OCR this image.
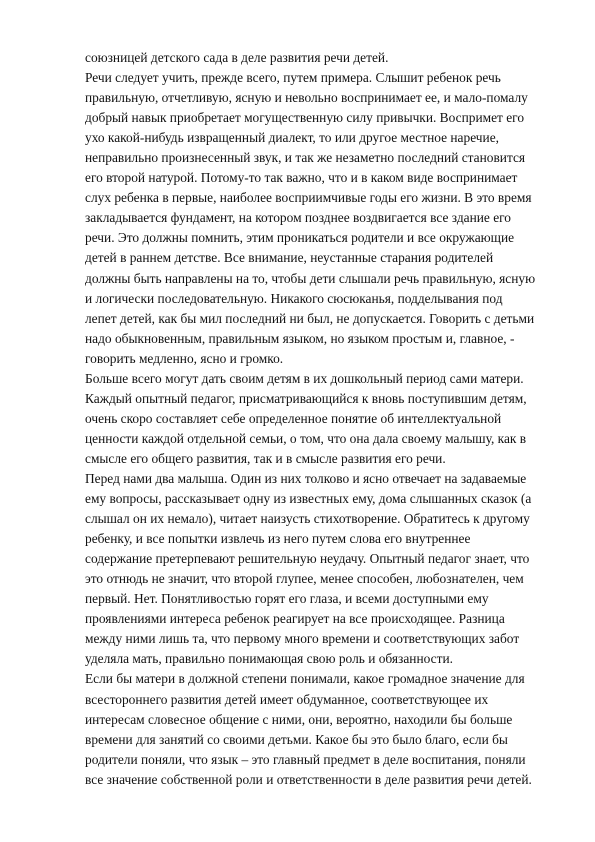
союзницей детского сада в деле развития речи детей.
Речи следует учить, прежде всего, путем примера. Слышит ребенок речь
правильную, отчетливую, ясную и невольно воспринимает ее, и мало-помалу
добрый навык приобретает могущественную силу привычки. Воспримет его
ухо какой-нибудь извращенный диалект, то или другое местное наречие,
неправильно произнесенный звук, и так же незаметно последний становится
его второй натурой. Потому-то так важно, что и в каком виде воспринимает
слух ребенка в первые, наиболее восприимчивые годы его жизни. В это время
закладывается фундамент, на котором позднее воздвигается все здание его
речи. Это должны помнить, этим проникаться родители и все окружающие
детей в раннем детстве. Все внимание, неустанные старания родителей
должны быть направлены на то, чтобы дети слышали речь правильную, ясную
и логически последовательную. Никакого сюсюканья, подделывания под
лепет детей, как бы мил последний ни был, не допускается. Говорить с детьми
надо обыкновенным, правильным языком, но языком простым и, главное, -
говорить медленно, ясно и громко.
Больше всего могут дать своим детям в их дошкольный период сами матери.
Каждый опытный педагог, присматривающийся к вновь поступившим детям,
очень скоро составляет себе определенное понятие об интеллектуальной
ценности каждой отдельной семьи, о том, что она дала своему малышу, как в
смысле его общего развития, так и в смысле развития его речи.
Перед нами два малыша. Один из них толково и ясно отвечает на задаваемые
ему вопросы, рассказывает одну из известных ему, дома слышанных сказок (а
слышал он их немало), читает наизусть стихотворение. Обратитесь к другому
ребенку, и все попытки извлечь из него путем слова его внутреннее
содержание претерпевают решительную неудачу. Опытный педагог знает, что
это отнюдь не значит, что второй глупее, менее способен, любознателен, чем
первый. Нет. Понятливостью горят его глаза, и всеми доступными ему
проявлениями интереса ребенок реагирует на все происходящее. Разница
между ними лишь та, что первому много времени и соответствующих забот
уделяла мать, правильно понимающая свою роль и обязанности.
Если бы матери в должной степени понимали, какое громадное значение для
всестороннего развития детей имеет обдуманное, соответствующее их
интересам словесное общение с ними, они, вероятно, находили бы больше
времени для занятий со своими детьми. Какое бы это было благо, если бы
родители поняли, что язык – это главный предмет в деле воспитания, поняли
все значение собственной роли и ответственности в деле развития речи детей.
